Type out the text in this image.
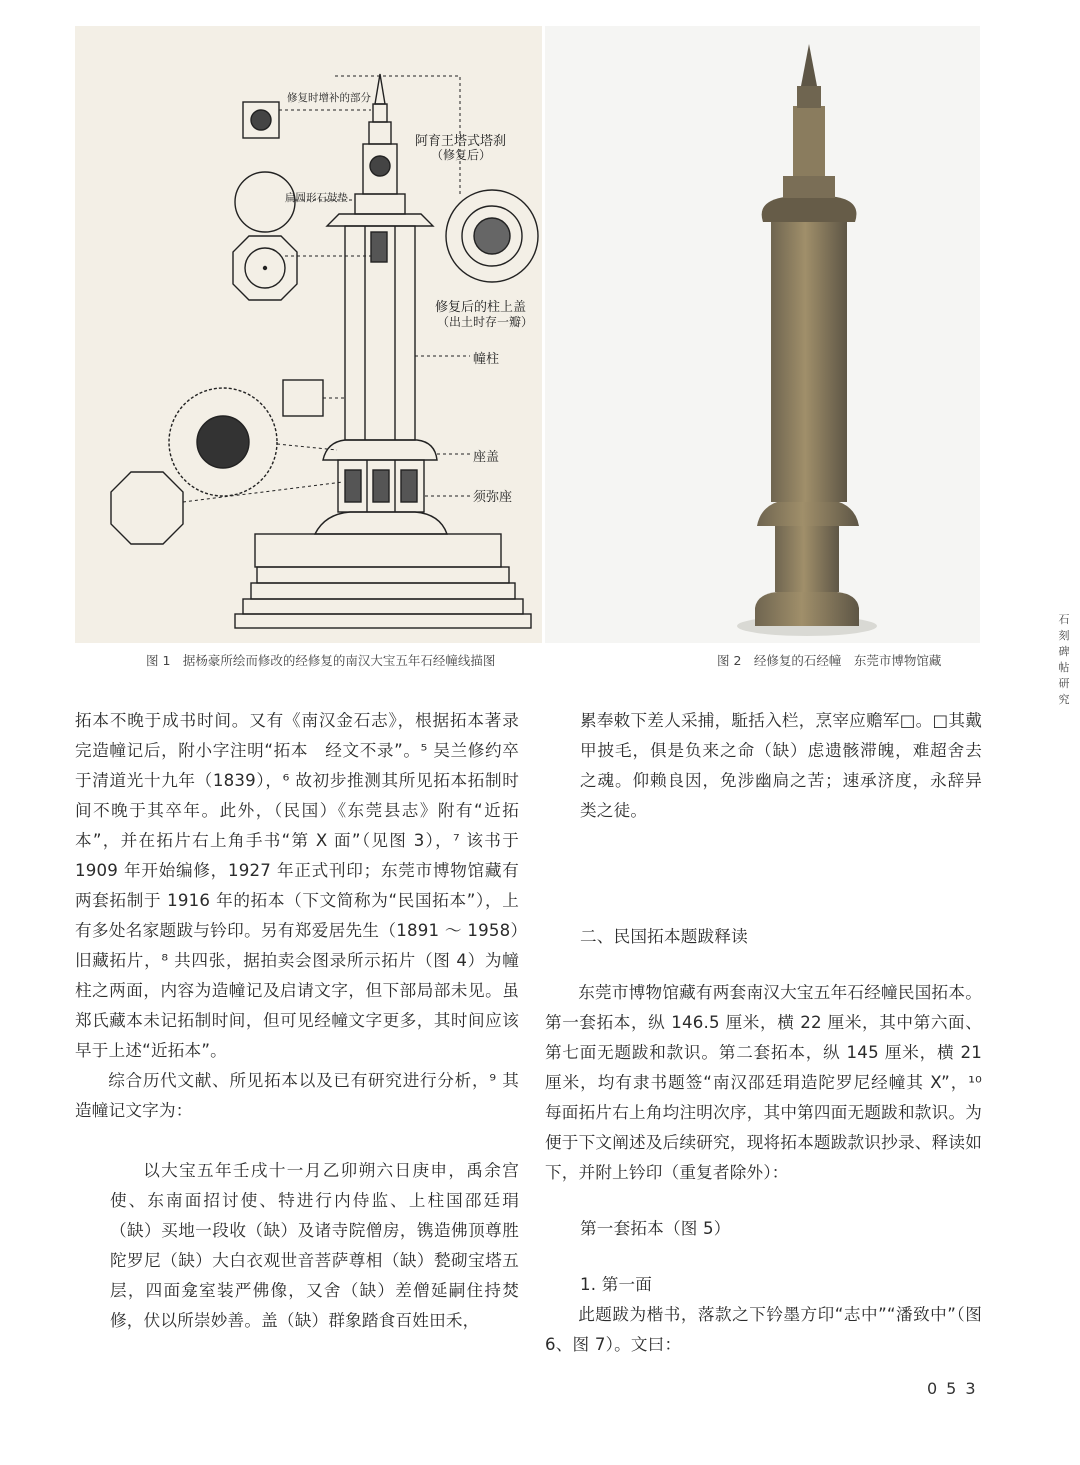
修复时增补的部分
阿育王塔式塔刹
（修复后）
扁圆形石鼓垫
修复后的柱上盖
（出土时存一瓣）
幢柱
座盖
须弥座
图 1　据杨豪所绘而修改的经修复的南汉大宝五年石经幢线描图	图 2　经修复的石经幢　东莞市博物馆藏
石刻碑帖研究

拓本不晚于成书时间。又有《南汉金石志》，根据拓本著录完造幢记后，附小字注明“拓本　经文不录”。⁵ 吴兰修约卒于清道光十九年（1839），⁶ 故初步推测其所见拓本拓制时间不晚于其卒年。此外，（民国）《东莞县志》附有“近拓本”，并在拓片右上角手书“第 X 面”（见图 3），⁷ 该书于 1909 年开始编修，1927 年正式刊印；东莞市博物馆藏有两套拓制于 1916 年的拓本（下文简称为“民国拓本”），上有多处名家题跋与钤印。另有郑爱居先生（1891 ～ 1958）旧藏拓片，⁸ 共四张，据拍卖会图录所示拓片（图 4）为幢柱之两面，内容为造幢记及启请文字，但下部局部未见。虽郑氏藏本未记拓制时间，但可见经幢文字更多，其时间应该早于上述“近拓本”。

综合历代文献、所见拓本以及已有研究进行分析，⁹ 其造幢记文字为：

以大宝五年壬戌十一月乙卯朔六日庚申，禹余宫使、东南面招讨使、特进行内侍监、上柱国邵廷琄（缺）买地一段收（缺）及诸寺院僧房，镌造佛顶尊胜陀罗尼（缺）大白衣观世音菩萨尊相（缺）甃砌宝塔五层，四面龛室装严佛像，又舍（缺）差僧延嗣住持焚修，伏以所崇妙善。盖（缺）群象踏食百姓田禾，

累奉敕下差人采捕，駈括入栏，烹宰应赡军□。□其戴甲披毛，俱是负来之命（缺）虑遗骸滞魄，难超舍去之魂。仰赖良因，免涉幽扃之苦；速承济度，永辞异类之徒。

二、民国拓本题跋释读

东莞市博物馆藏有两套南汉大宝五年石经幢民国拓本。第一套拓本，纵 146.5 厘米，横 22 厘米，其中第六面、第七面无题跋和款识。第二套拓本，纵 145 厘米，横 21 厘米，均有隶书题签“南汉邵廷琄造陀罗尼经幢其 X”，¹⁰ 每面拓片右上角均注明次序，其中第四面无题跋和款识。为便于下文阐述及后续研究，现将拓本题跋款识抄录、释读如下，并附上钤印（重复者除外）：

第一套拓本（图 5）
1. 第一面

此题跋为楷书，落款之下钤墨方印“志中”“潘致中”（图 6、图 7）。文曰：

053
